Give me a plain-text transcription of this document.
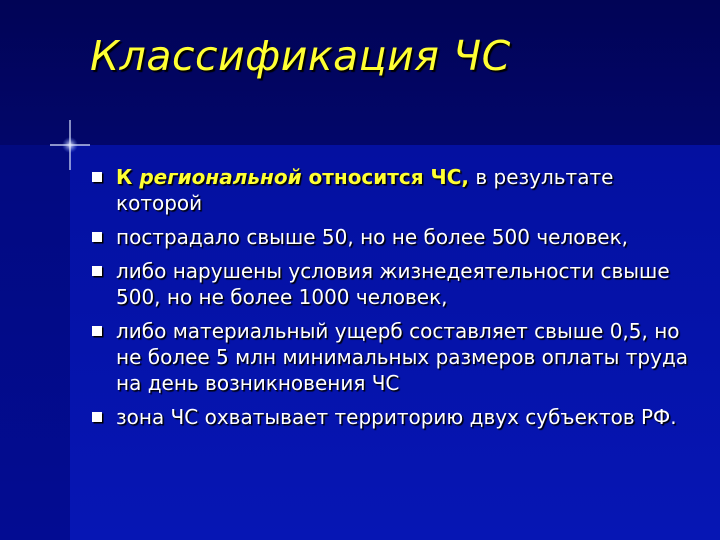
Классификация ЧС
К региональной относится ЧС, в результате которой
пострадало свыше 50, но не более 500 человек,
либо нарушены условия жизнедеятельности свыше 500, но не более 1000 человек,
либо материальный ущерб составляет свыше 0,5, но не более 5 млн минимальных размеров оплаты труда на день возникновения ЧС
зона ЧС охватывает территорию двух субъектов РФ.
